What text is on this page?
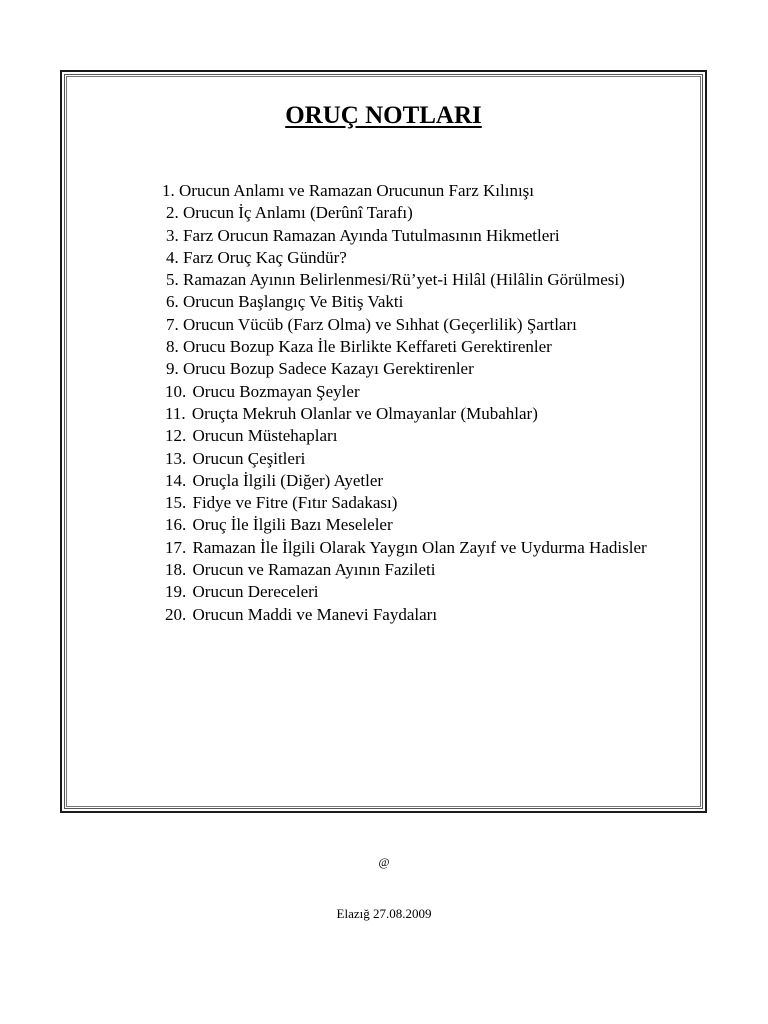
ORUÇ NOTLARI
1. Orucun Anlamı ve Ramazan Orucunun Farz Kılınışı
2. Orucun İç Anlamı (Derûnî Tarafı)
3. Farz Orucun Ramazan Ayında Tutulmasının Hikmetleri
4. Farz Oruç Kaç Gündür?
5. Ramazan Ayının Belirlenmesi/Rü’yet-i Hilâl (Hilâlin Görülmesi)
6. Orucun Başlangıç Ve Bitiş Vakti
7. Orucun Vücüb (Farz Olma) ve Sıhhat (Geçerlilik) Şartları
8. Orucu Bozup Kaza İle Birlikte Keffareti Gerektirenler
9. Orucu Bozup Sadece Kazayı Gerektirenler
10. Orucu Bozmayan Şeyler
11. Oruçta Mekruh Olanlar ve Olmayanlar (Mubahlar)
12. Orucun Müstehapları
13. Orucun Çeşitleri
14. Oruçla İlgili (Diğer) Ayetler
15. Fidye ve Fitre (Fıtır Sadakası)
16. Oruç İle İlgili Bazı Meseleler
17. Ramazan İle İlgili Olarak Yaygın Olan Zayıf ve Uydurma Hadisler
18. Orucun ve Ramazan Ayının Fazileti
19. Orucun Dereceleri
20. Orucun Maddi ve Manevi Faydaları
@
Elazığ 27.08.2009
